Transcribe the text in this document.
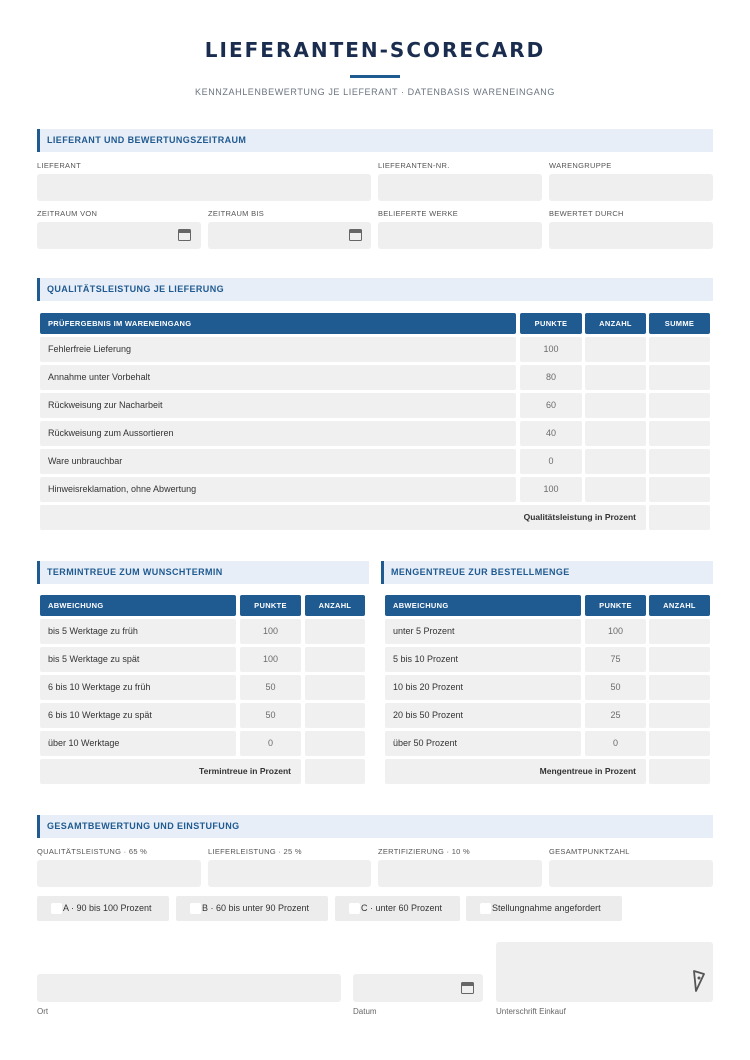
LIEFERANTEN-SCORECARD
KENNZAHLENBEWERTUNG JE LIEFERANT · DATENBASIS WARENEINGANG
LIEFERANT UND BEWERTUNGSZEITRAUM
LIEFERANT	LIEFERANTEN-NR.	WARENGRUPPE
ZEITRAUM VON	ZEITRAUM BIS	BELIEFERTE WERKE	BEWERTET DURCH
QUALITÄTSLEISTUNG JE LIEFERUNG
PRÜFERGEBNIS IM WARENEINGANG	PUNKTE	ANZAHL	SUMME
Fehlerfreie Lieferung	100
Annahme unter Vorbehalt	80
Rückweisung zur Nacharbeit	60
Rückweisung zum Aussortieren	40
Ware unbrauchbar	0
Hinweisreklamation, ohne Abwertung	100
Qualitätsleistung in Prozent
TERMINTREUE ZUM WUNSCHTERMIN
ABWEICHUNG	PUNKTE	ANZAHL
bis 5 Werktage zu früh	100
bis 5 Werktage zu spät	100
6 bis 10 Werktage zu früh	50
6 bis 10 Werktage zu spät	50
über 10 Werktage	0
Termintreue in Prozent
MENGENTREUE ZUR BESTELLMENGE
ABWEICHUNG	PUNKTE	ANZAHL
unter 5 Prozent	100
5 bis 10 Prozent	75
10 bis 20 Prozent	50
20 bis 50 Prozent	25
über 50 Prozent	0
Mengentreue in Prozent
GESAMTBEWERTUNG UND EINSTUFUNG
QUALITÄTSLEISTUNG · 65 %	LIEFERLEISTUNG · 25 %	ZERTIFIZIERUNG · 10 %	GESAMTPUNKTZAHL
A · 90 bis 100 Prozent	B · 60 bis unter 90 Prozent	C · unter 60 Prozent	Stellungnahme angefordert
Ort	Datum	Unterschrift Einkauf
